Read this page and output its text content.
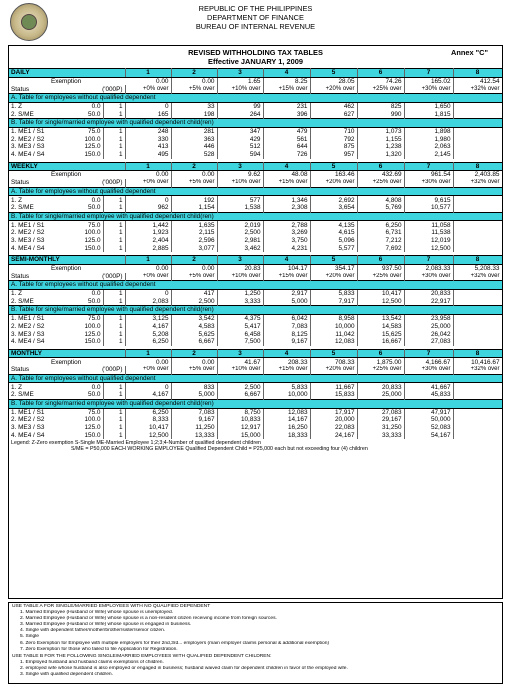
REPUBLIC OF THE PHILIPPINES
DEPARTMENT OF FINANCE
BUREAU OF INTERNAL REVENUE
REVISED WITHHOLDING TAX TABLES	Annex "C"
Effective JANUARY 1, 2009
DAILY			1	2	3	4	5	6	7	8
Exemption			0.00	0.00	1.65	8.25	28.05	74.26	165.02	412.54
Status	('000P)		+0% over	+5% over	+10% over	+15% over	+20% over	+25% over	+30% over	+32% over
A. Table for employees without qualified dependent										
1. Z	0.0	1	0	33	99	231	462	825	1,650	
2. S/ME	50.0	1	165	198	264	396	627	990	1,815	
B. Table for single/married employee with qualified dependent child(ren)										
1. ME1 / S1	75.0	1	248	281	347	479	710	1,073	1,898	
2. ME2 / S2	100.0	1	330	363	429	561	792	1,155	1,980	
3. ME3 / S3	125.0	1	413	446	512	644	875	1,238	2,063	
4. ME4 / S4	150.0	1	495	528	594	726	957	1,320	2,145	

WEEKLY			1	2	3	4	5	6	7	8
Exemption			0.00	0.00	9.62	48.08	163.46	432.69	961.54	2,403.85
Status	('000P)		+0% over	+5% over	+10% over	+15% over	+20% over	+25% over	+30% over	+32% over
A. Table for employees without qualified dependent										
1. Z	0.0	1	0	192	577	1,346	2,692	4,808	9,615	
2. S/ME	50.0	1	962	1,154	1,538	2,308	3,654	5,769	10,577	
B. Table for single/married employee with qualified dependent child(ren)										
1. ME1 / S1	75.0	1	1,442	1,635	2,019	2,788	4,135	6,250	11,058	
2. ME2 / S2	100.0	1	1,923	2,115	2,500	3,269	4,615	6,731	11,538	
3. ME3 / S3	125.0	1	2,404	2,596	2,981	3,750	5,096	7,212	12,019	
4. ME4 / S4	150.0	1	2,885	3,077	3,462	4,231	5,577	7,692	12,500	

SEMI-MONTHLY			1	2	3	4	5	6	7	8
Exemption			0.00	0.00	20.83	104.17	354.17	937.50	2,083.33	5,208.33
Status	('000P)		+0% over	+5% over	+10% over	+15% over	+20% over	+25% over	+30% over	+32% over
A. Table for employees without qualified dependent										
1. Z	0.0	1	0	417	1,250	2,917	5,833	10,417	20,833	
2. S/ME	50.0	1	2,083	2,500	3,333	5,000	7,917	12,500	22,917	
B. Table for single/married employee with qualified dependent child(ren)										
1. ME1 / S1	75.0	1	3,125	3,542	4,375	6,042	8,958	13,542	23,958	
2. ME2 / S2	100.0	1	4,167	4,583	5,417	7,083	10,000	14,583	25,000	
3. ME3 / S3	125.0	1	5,208	5,625	6,458	8,125	11,042	15,625	26,042	
4. ME4 / S4	150.0	1	6,250	6,667	7,500	9,167	12,083	16,667	27,083	

MONTHLY			1	2	3	4	5	6	7	8
Exemption			0.00	0.00	41.67	208.33	708.33	1,875.00	4,166.67	10,416.67
Status	('000P)		+0% over	+5% over	+10% over	+15% over	+20% over	+25% over	+30% over	+32% over
A. Table for employees without qualified dependent										
1. Z	0.0	1	0	833	2,500	5,833	11,667	20,833	41,667	
2. S/ME	50.0	1	4,167	5,000	6,667	10,000	15,833	25,000	45,833	
B. Table for single/married employee with qualified dependent child(ren)										
1. ME1 / S1	75.0	1	6,250	7,083	8,750	12,083	17,917	27,083	47,917	
2. ME2 / S2	100.0	1	8,333	9,167	10,833	14,167	20,000	29,167	50,000	
3. ME3 / S3	125.0	1	10,417	11,250	12,917	16,250	22,083	31,250	52,083	
4. ME4 / S4	150.0	1	12,500	13,333	15,000	18,333	24,167	33,333	54,167	
Legend: Z-Zero exemption S-Single ME-Married Employee 1;2;3;4-Number of qualified dependent children
S/ME = P50,000 EACH WORKING EMPLOYEE Qualified Dependent Child = P25,000 each but not exceeding four (4) children
USE TABLE A FOR SINGLE/MARRIED EMPLOYEES WITH NO QUALIFIED DEPENDENT
1. Married Employee (Husband or Wife) whose spouse is unemployed.
2. Married Employee (Husband or Wife) whose spouse is a non-resident citizen receiving income from foreign sources.
3. Married Employee (Husband or Wife) whose spouse is engaged in business.
4. Single with dependent father/mother/brother/sister/senior citizen.
5. Single
6. Zero Exemption for Employee with multiple employers for their 2nd,3rd... employers (main employer claims personal & additional exemption)
7. Zero Exemption for those who failed to file Application for Registration.
USE TABLE B FOR THE FOLLOWING SINGLE/MARRIED EMPLOYEES WITH QUALIFIED DEPENDENT CHILDREN:
1. Employed husband and husband claims exemptions of children.
2. employed wife whose husband is also employed or engaged in business; husband waived claim for dependent children in favor of the employed wife.
3. Single with qualified dependent children.
